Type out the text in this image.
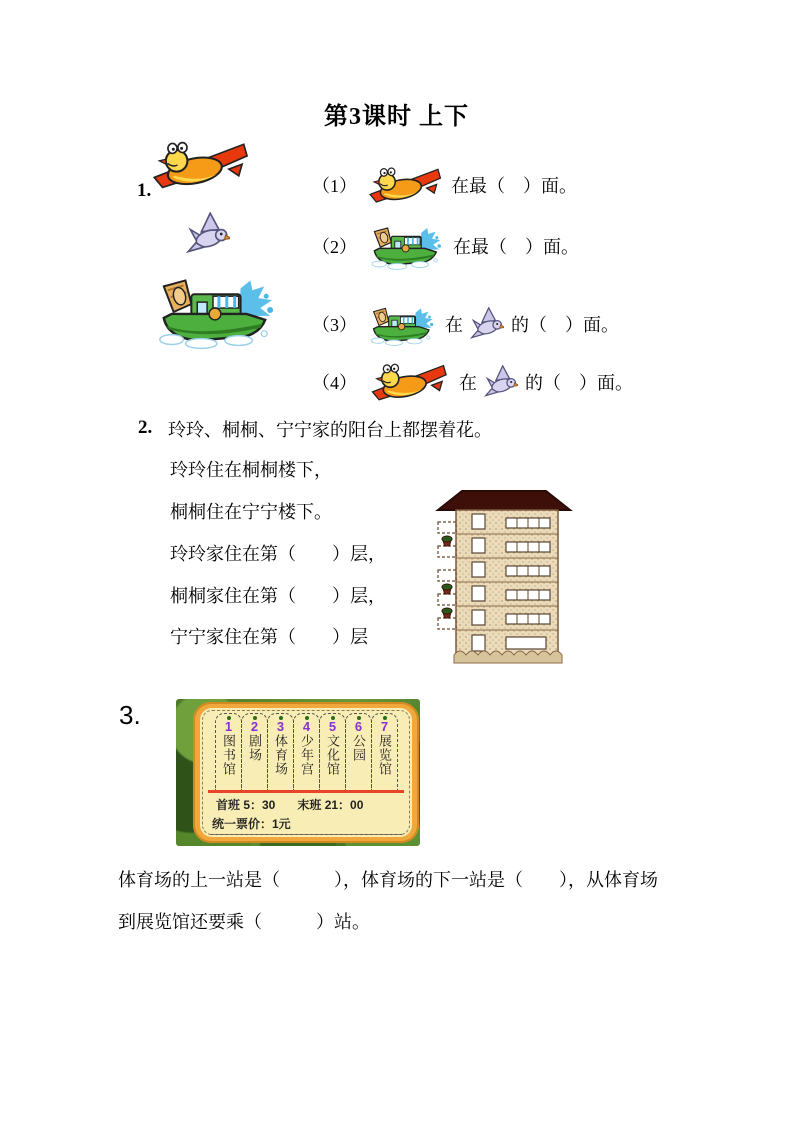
第3课时 上下
1.	（1）	在最（　）面。
（2）	在最（　）面。
（3）	在	的（　）面。
（4）	在	的（　）面。
2. 玲玲、桐桐、宁宁家的阳台上都摆着花。
玲玲住在桐桐楼下，
桐桐住在宁宁楼下。
玲玲家住在第（　　）层，
桐桐家住在第（　　）层，
宁宁家住在第（　　）层
3.	1
图书馆
2
剧场
3
体育场
4
少年宫
5
文化馆
6
公园
7
展览馆
首班 5：30 末班 21：00
统一票价：1元
体育场的上一站是（　　　），体育场的下一站是（　　），从体育场
到展览馆还要乘（　　　）站。
